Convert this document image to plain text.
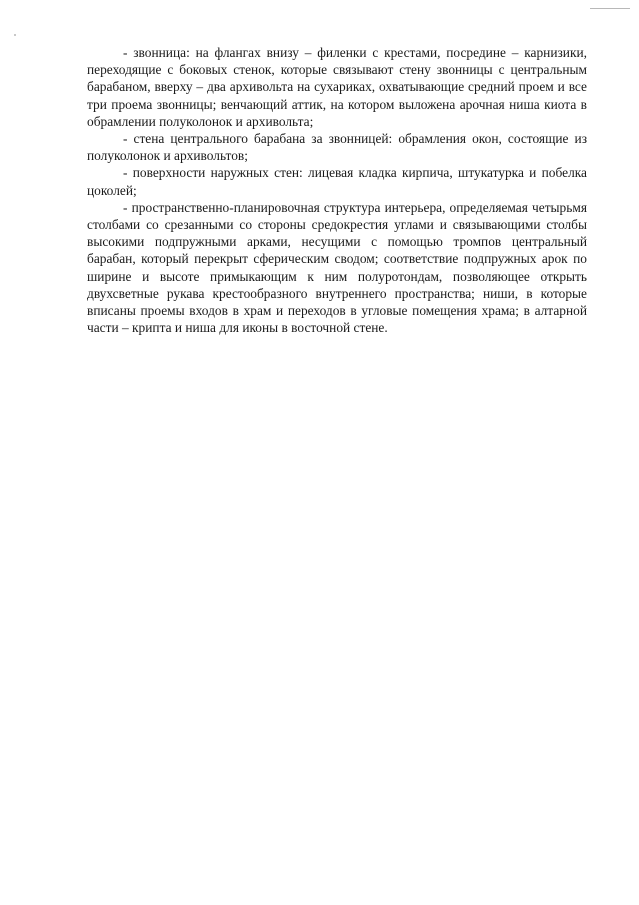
- звонница: на флангах внизу – филенки с крестами, посредине – карнизики, переходящие с боковых стенок, которые связывают стену звонницы с центральным барабаном, вверху – два архивольта на сухариках, охватывающие средний проем и все три проема звонницы; венчающий аттик, на котором выложена арочная ниша киота в обрамлении полуколонок и архивольта;

- стена центрального барабана за звонницей: обрамления окон, состоящие из полуколонок и архивольтов;

- поверхности наружных стен: лицевая кладка кирпича, штукатурка и побелка цоколей;

- пространственно-планировочная структура интерьера, определяемая четырьмя столбами со срезанными со стороны средокрестия углами и связывающими столбы высокими подпружными арками, несущими с помощью тромпов центральный барабан, который перекрыт сферическим сводом; соответствие подпружных арок по ширине и высоте примыкающим к ним полуротондам, позволяющее открыть двухсветные рукава крестообразного внутреннего пространства; ниши, в которые вписаны проемы входов в храм и переходов в угловые помещения храма; в алтарной части – крипта и ниша для иконы в восточной стене.
